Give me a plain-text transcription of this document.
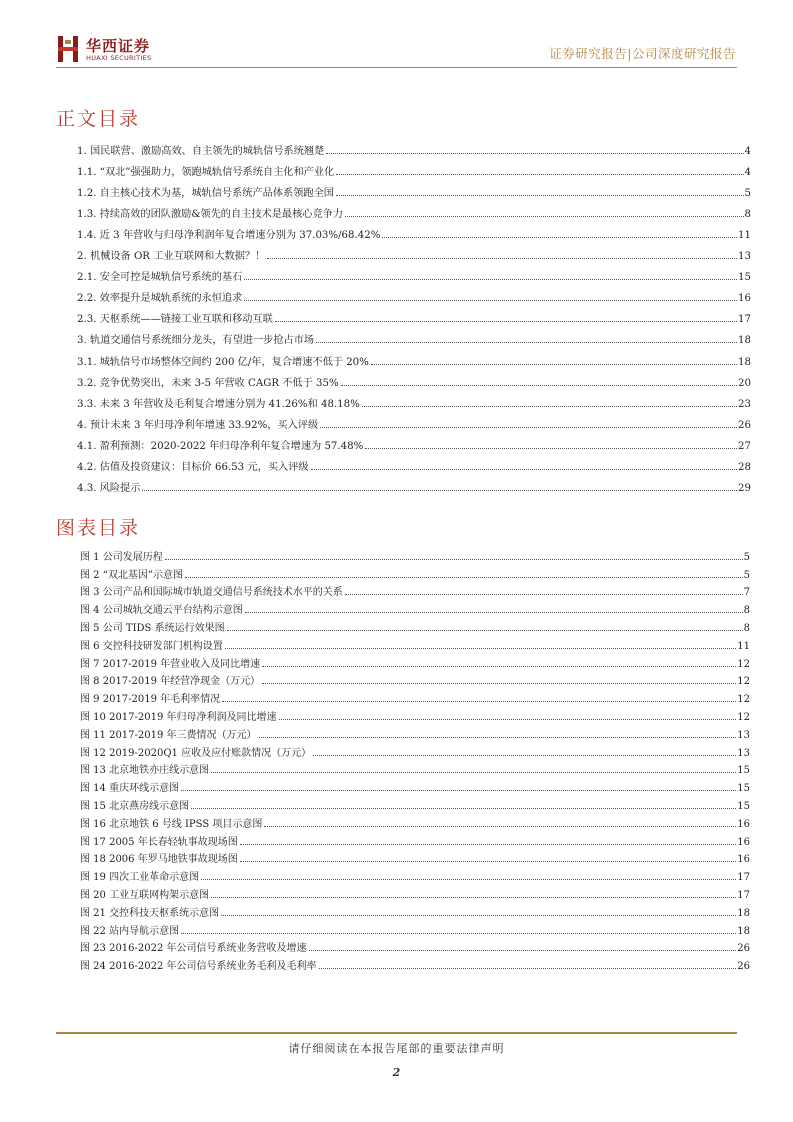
华西证券
HUAXI SECURITIES	证券研究报告|公司深度研究报告
正文目录
1. 国民联营、激励高效、自主领先的城轨信号系统翘楚	4
1.1. “双北”强强助力，领跑城轨信号系统自主化和产业化	4
1.2. 自主核心技术为基，城轨信号系统产品体系领跑全国	5
1.3. 持续高效的团队激励&领先的自主技术是最核心竞争力	8
1.4. 近 3 年营收与归母净利润年复合增速分别为 37.03%/68.42%	11
2. 机械设备 OR 工业互联网和大数据？！	13
2.1. 安全可控是城轨信号系统的基石	15
2.2. 效率提升是城轨系统的永恒追求	16
2.3. 天枢系统——链接工业互联和移动互联	17
3. 轨道交通信号系统细分龙头，有望进一步抢占市场	18
3.1. 城轨信号市场整体空间约 200 亿/年，复合增速不低于 20%	18
3.2. 竞争优势突出，未来 3-5 年营收 CAGR 不低于 35%	20
3.3. 未来 3 年营收及毛利复合增速分别为 41.26%和 48.18%	23
4. 预计未来 3 年归母净利年增速 33.92%，买入评级	26
4.1. 盈利预测：2020-2022 年归母净利年复合增速为 57.48%	27
4.2. 估值及投资建议：目标价 66.53 元，买入评级	28
4.3. 风险提示	29
图表目录
图 1 公司发展历程	5
图 2 “双北基因”示意图	5
图 3 公司产品和国际城市轨道交通信号系统技术水平的关系	7
图 4 公司城轨交通云平台结构示意图	8
图 5 公司 TIDS 系统运行效果图	8
图 6 交控科技研发部门机构设置	11
图 7 2017-2019 年营业收入及同比增速	12
图 8 2017-2019 年经营净现金（万元）	12
图 9 2017-2019 年毛利率情况	12
图 10 2017-2019 年归母净利润及同比增速	12
图 11 2017-2019 年三费情况（万元）	13
图 12 2019-2020Q1 应收及应付账款情况（万元）	13
图 13 北京地铁亦庄线示意图	15
图 14 重庆环线示意图	15
图 15 北京燕房线示意图	15
图 16 北京地铁 6 号线 IPSS 项目示意图	16
图 17 2005 年长春轻轨事故现场图	16
图 18 2006 年罗马地铁事故现场图	16
图 19 四次工业革命示意图	17
图 20 工业互联网构架示意图	17
图 21 交控科技天枢系统示意图	18
图 22 站内导航示意图	18
图 23 2016-2022 年公司信号系统业务营收及增速	26
图 24 2016-2022 年公司信号系统业务毛利及毛利率	26
请仔细阅读在本报告尾部的重要法律声明
2
